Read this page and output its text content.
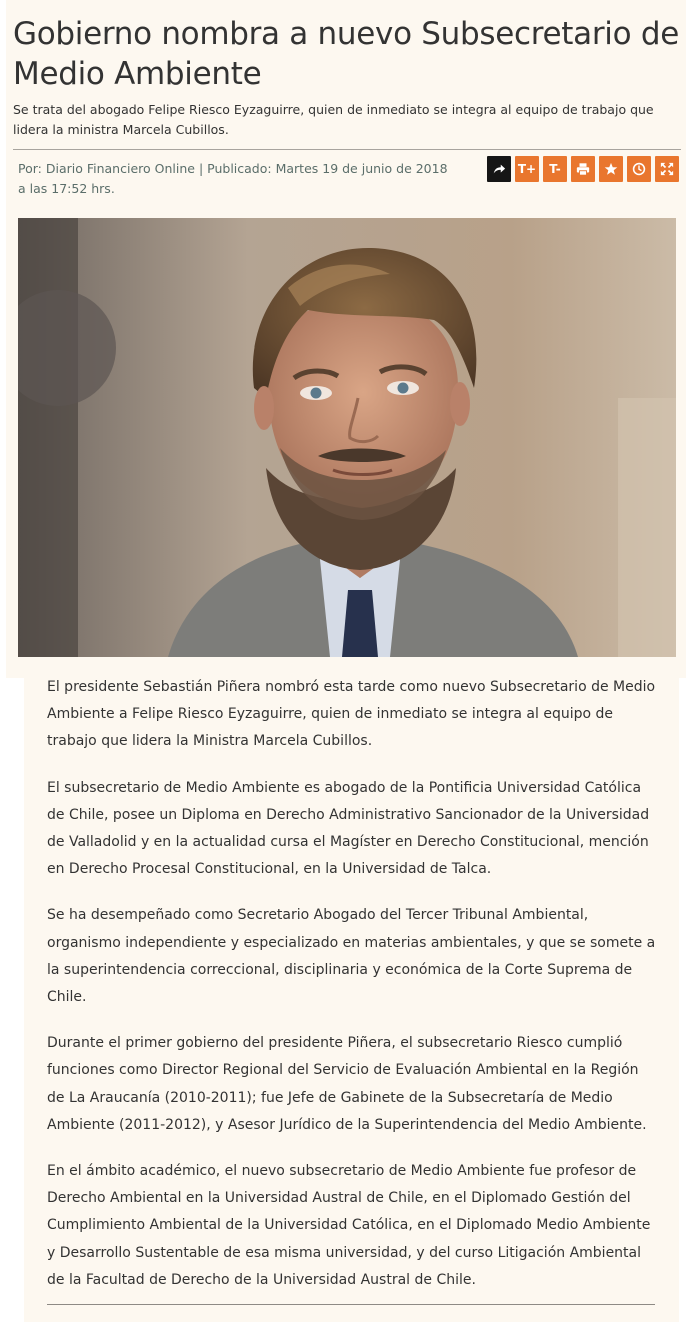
Gobierno nombra a nuevo Subsecretario de Medio Ambiente

Se trata del abogado Felipe Riesco Eyzaguirre, quien de inmediato se integra al equipo de trabajo que lidera la ministra Marcela Cubillos.

Por: Diario Financiero Online | Publicado: Martes 19 de junio de 2018 a las 17:52 hrs.
T+ T-

El presidente Sebastián Piñera nombró esta tarde como nuevo Subsecretario de Medio Ambiente a Felipe Riesco Eyzaguirre, quien de inmediato se integra al equipo de trabajo que lidera la Ministra Marcela Cubillos.

El subsecretario de Medio Ambiente es abogado de la Pontificia Universidad Católica de Chile, posee un Diploma en Derecho Administrativo Sancionador de la Universidad de Valladolid y en la actualidad cursa el Magíster en Derecho Constitucional, mención en Derecho Procesal Constitucional, en la Universidad de Talca.

Se ha desempeñado como Secretario Abogado del Tercer Tribunal Ambiental, organismo independiente y especializado en materias ambientales, y que se somete a la superintendencia correccional, disciplinaria y económica de la Corte Suprema de Chile.

Durante el primer gobierno del presidente Piñera, el subsecretario Riesco cumplió funciones como Director Regional del Servicio de Evaluación Ambiental en la Región de La Araucanía (2010-2011); fue Jefe de Gabinete de la Subsecretaría de Medio Ambiente (2011-2012), y Asesor Jurídico de la Superintendencia del Medio Ambiente.

En el ámbito académico, el nuevo subsecretario de Medio Ambiente fue profesor de Derecho Ambiental en la Universidad Austral de Chile, en el Diplomado Gestión del Cumplimiento Ambiental de la Universidad Católica, en el Diplomado Medio Ambiente y Desarrollo Sustentable de esa misma universidad, y del curso Litigación Ambiental de la Facultad de Derecho de la Universidad Austral de Chile.
